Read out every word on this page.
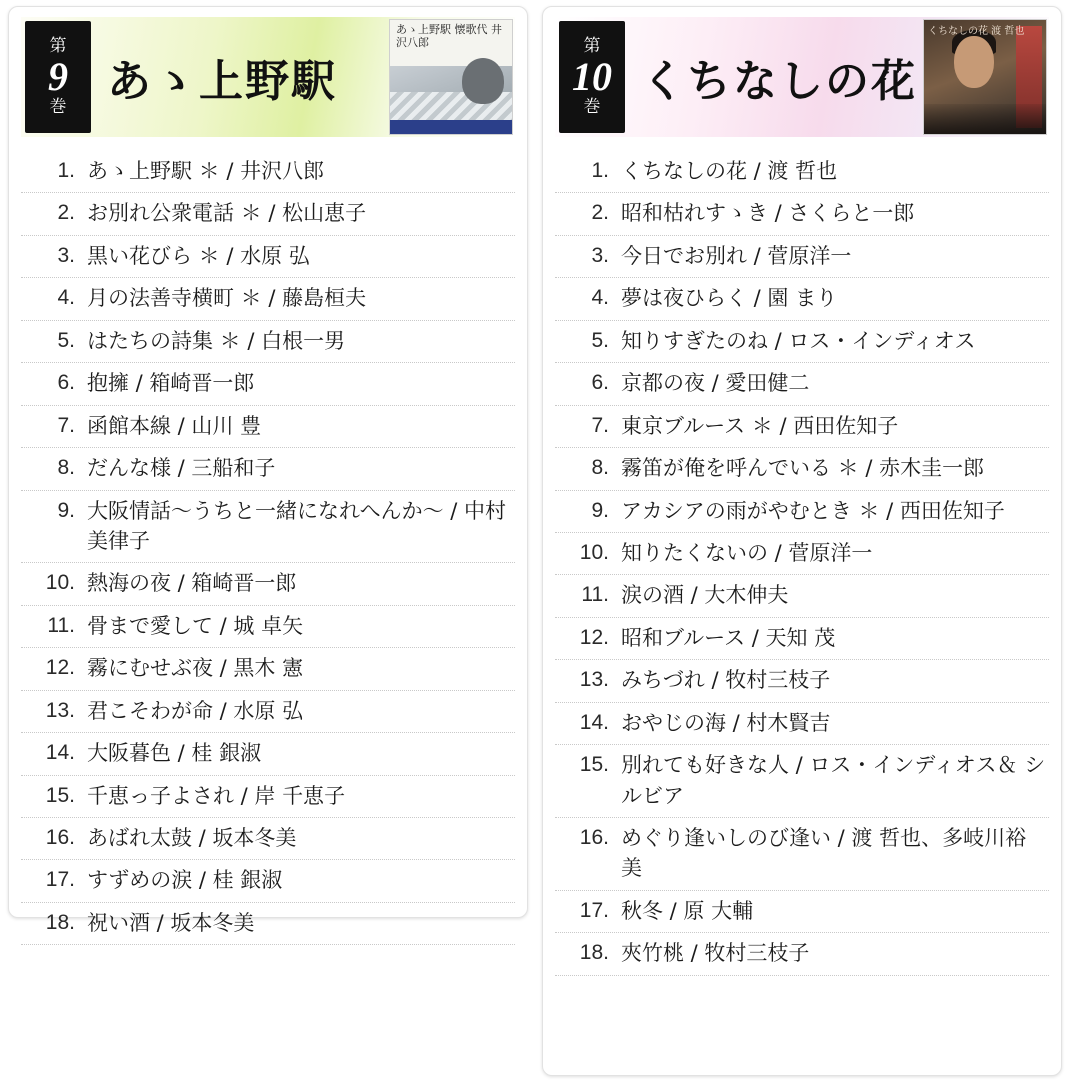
第
9
巻 あゝ上野駅
あゝ上野駅 懐歌代 井沢八郎
1. あゝ上野駅 ＊ / 井沢八郎
2. お別れ公衆電話 ＊ / 松山恵子
3. 黒い花びら ＊ / 水原 弘
4. 月の法善寺横町 ＊ / 藤島桓夫
5. はたちの詩集 ＊ / 白根一男
6. 抱擁 / 箱崎晋一郎
7. 函館本線 / 山川 豊
8. だんな様 / 三船和子
9. 大阪情話〜うちと一緒になれへんか〜 / 中村美律子
10. 熱海の夜 / 箱崎晋一郎
11. 骨まで愛して / 城 卓矢
12. 霧にむせぶ夜 / 黒木 憲
13. 君こそわが命 / 水原 弘
14. 大阪暮色 / 桂 銀淑
15. 千恵っ子よされ / 岸 千恵子
16. あばれ太鼓 / 坂本冬美
17. すずめの涙 / 桂 銀淑
18. 祝い酒 / 坂本冬美
第
10
巻 くちなしの花
くちなしの花 渡 哲也
1. くちなしの花 / 渡 哲也
2. 昭和枯れすゝき / さくらと一郎
3. 今日でお別れ / 菅原洋一
4. 夢は夜ひらく / 園 まり
5. 知りすぎたのね / ロス・インディオス
6. 京都の夜 / 愛田健二
7. 東京ブルース ＊ / 西田佐知子
8. 霧笛が俺を呼んでいる ＊ / 赤木圭一郎
9. アカシアの雨がやむとき ＊ / 西田佐知子
10. 知りたくないの / 菅原洋一
11. 涙の酒 / 大木伸夫
12. 昭和ブルース / 天知 茂
13. みちづれ / 牧村三枝子
14. おやじの海 / 村木賢吉
15. 別れても好きな人 / ロス・インディオス＆ シルビア
16. めぐり逢いしのび逢い / 渡 哲也、多岐川裕美
17. 秋冬 / 原 大輔
18. 夾竹桃 / 牧村三枝子
